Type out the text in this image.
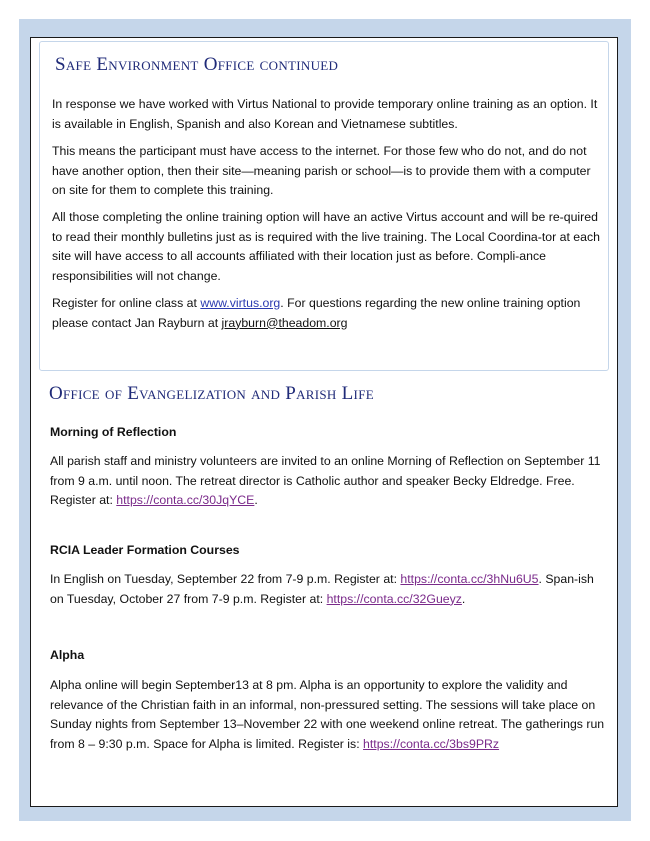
Safe Environment Office continued

In response we have worked with Virtus National to provide temporary online training as an option. It is available in English, Spanish and also Korean and Vietnamese subtitles.

This means the participant must have access to the internet. For those few who do not, and do not have another option, then their site—meaning parish or school—is to provide them with a computer on site for them to complete this training.

All those completing the online training option will have an active Virtus account and will be re-quired to read their monthly bulletins just as is required with the live training. The Local Coordina-tor at each site will have access to all accounts affiliated with their location just as before. Compli-ance responsibilities will not change.

Register for online class at www.virtus.org. For questions regarding the new online training option please contact Jan Rayburn at jrayburn@theadom.org

Office of Evangelization and Parish Life
Morning of Reflection

All parish staff and ministry volunteers are invited to an online Morning of Reflection on September 11 from 9 a.m. until noon. The retreat director is Catholic author and speaker Becky Eldredge. Free. Register at: https://conta.cc/30JqYCE.

RCIA Leader Formation Courses

In English on Tuesday, September 22 from 7-9 p.m. Register at: https://conta.cc/3hNu6U5. Span-ish on Tuesday, October 27 from 7-9 p.m. Register at: https://conta.cc/32Gueyz.

Alpha

Alpha online will begin September13 at 8 pm. Alpha is an opportunity to explore the validity and relevance of the Christian faith in an informal, non-pressured setting. The sessions will take place on Sunday nights from September 13–November 22 with one weekend online retreat. The gatherings run from 8 – 9:30 p.m. Space for Alpha is limited. Register is: https://conta.cc/3bs9PRz
